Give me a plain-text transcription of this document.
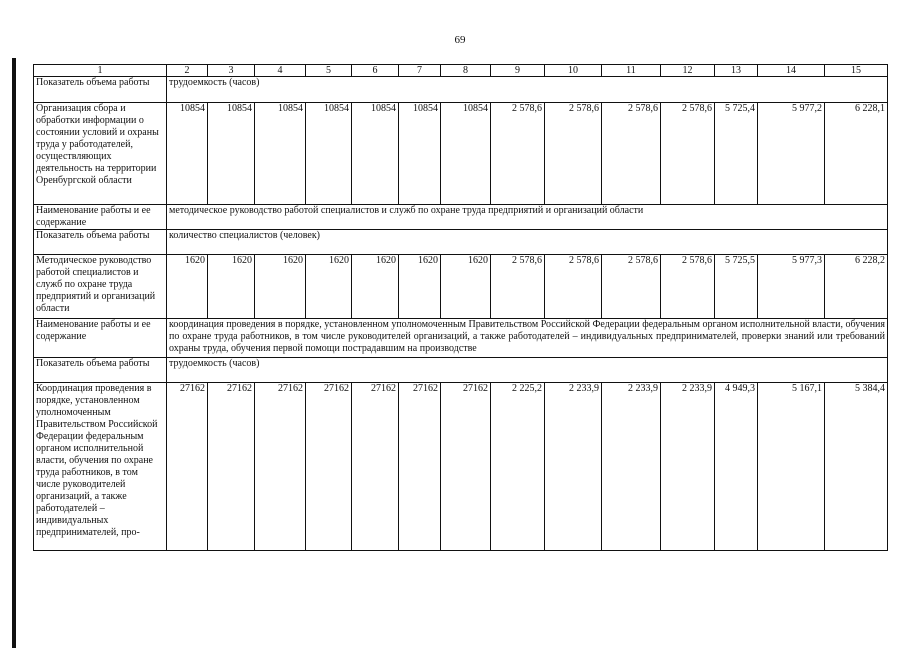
69
1	2	3	4	5	6	7	8	9	10	11	12	13	14	15
Показатель объема работы	трудоемкость (часов)													
Организация сбора и обработки информации о состоянии условий и охраны труда у работодателей, осуществляющих деятельность на территории Оренбургской области	10854	10854	10854	10854	10854	10854	10854	2 578,6	2 578,6	2 578,6	2 578,6	5 725,4	5 977,2	6 228,1
Наименование работы и ее содержание	методическое руководство работой специалистов и служб по охране труда предприятий и организаций области													
Показатель объема работы	количество специалистов (человек)													
Методическое руководство работой специалистов и служб по охране труда предприятий и организаций области	1620	1620	1620	1620	1620	1620	1620	2 578,6	2 578,6	2 578,6	2 578,6	5 725,5	5 977,3	6 228,2
Наименование работы и ее содержание	координация проведения в порядке, установленном уполномоченным Правительством Российской Федерации федеральным органом исполнительной власти, обучения по охране труда работников, в том числе руководителей организаций, а также работодателей – индивидуальных предпринимателей, проверки знаний или требований охраны труда, обучения первой помощи пострадавшим на производстве													
Показатель объема работы	трудоемкость (часов)													
Координация проведения в порядке, установленном уполномоченным Правительством Российской Федерации федеральным органом исполнительной власти, обучения по охране труда работников, в том числе руководителей организаций, а также работодателей – индивидуальных предпринимателей, про-	27162	27162	27162	27162	27162	27162	27162	2 225,2	2 233,9	2 233,9	2 233,9	4 949,3	5 167,1	5 384,4
